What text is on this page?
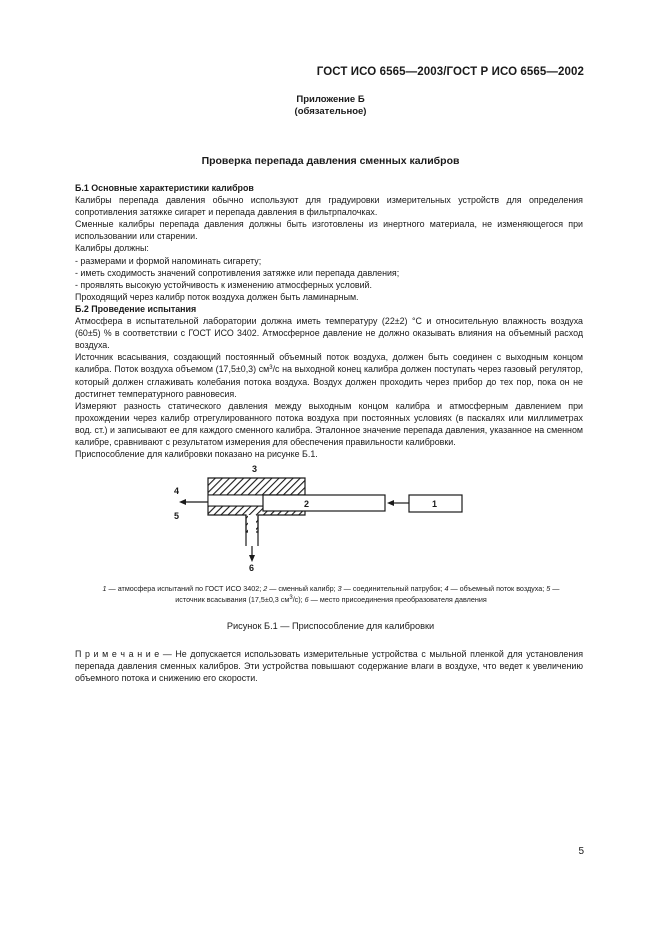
ГОСТ ИСО 6565—2003/ГОСТ Р ИСО 6565—2002
Приложение Б
(обязательное)
Проверка перепада давления сменных калибров

Б.1 Основные характеристики калибров

Калибры перепада давления обычно используют для градуировки измерительных устройств для определения сопротивления затяжке сигарет и перепада давления в фильтрпалочках.

Сменные калибры перепада давления должны быть изготовлены из инертного материала, не изменяющегося при использовании или старении.

Калибры должны:

- размерами и формой напоминать сигарету;

- иметь сходимость значений сопротивления затяжке или перепада давления;

- проявлять высокую устойчивость к изменению атмосферных условий.

Проходящий через калибр поток воздуха должен быть ламинарным.

Б.2 Проведение испытания

Атмосфера в испытательной лаборатории должна иметь температуру (22±2) °C и относительную влажность воздуха (60±5) % в соответствии с ГОСТ ИСО 3402. Атмосферное давление не должно оказывать влияния на объемный расход воздуха.

Источник всасывания, создающий постоянный объемный поток воздуха, должен быть соединен с выходным концом калибра. Поток воздуха объемом (17,5±0,3) $см^3/с$ на выходной конец калибра должен поступать через газовый регулятор, который должен сглаживать колебания потока воздуха. Воздух должен проходить через прибор до тех пор, пока он не достигнет температурного равновесия.

Измеряют разность статического давления между выходным концом калибра и атмосферным давлением при прохождении через калибр отрегулированного потока воздуха при постоянных условиях (в паскалях или миллиметрах вод. ст.) и записывают ее для каждого сменного калибра. Эталонное значение перепада давления, указанное на сменном калибре, сравнивают с результатом измерения для обеспечения правильности калибровки.

Приспособление для калибровки показано на рисунке Б.1.

1
2
3
4
5
6
1 — атмосфера испытаний по ГОСТ ИСО 3402; 2 — сменный калибр; 3 — соединительный патрубок; 4 — объемный поток воздуха; 5 — источник всасывания (17,5±0,3 $см^3/с$); 6 — место присоединения преобразователя давления
Рисунок Б.1 — Приспособление для калибровки
П р и м е ч а н и е — Не допускается использовать измерительные устройства с мыльной пленкой для установления перепада давления сменных калибров. Эти устройства повышают содержание влаги в воздухе, что ведет к увеличению объемного потока и снижению его скорости.
5
